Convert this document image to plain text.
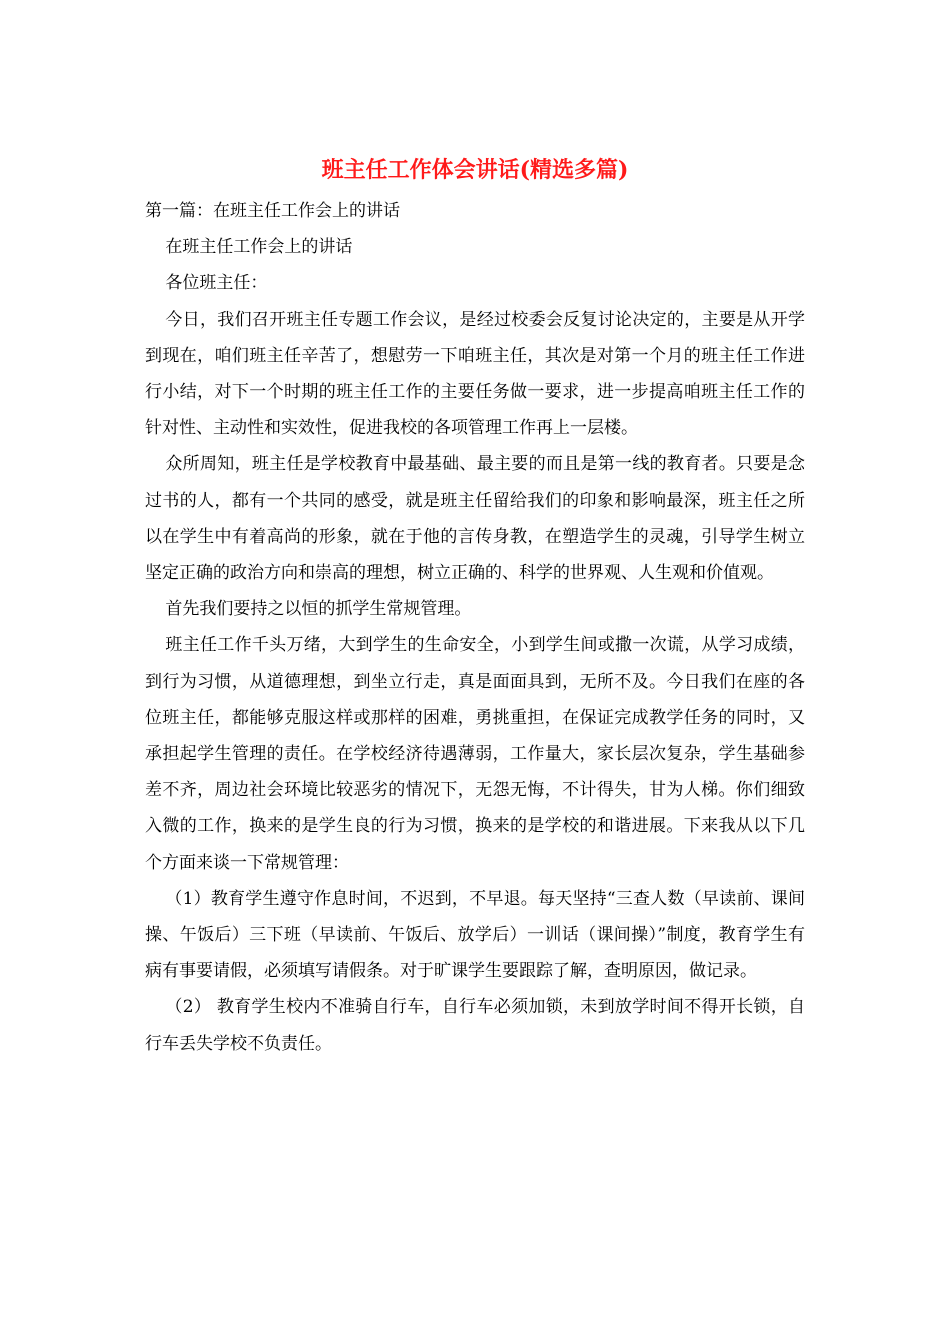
班主任工作体会讲话(精选多篇)

第一篇：在班主任工作会上的讲话

在班主任工作会上的讲话

各位班主任：

今日，我们召开班主任专题工作会议，是经过校委会反复讨论决定的，主要是从开学到现在，咱们班主任辛苦了，想慰劳一下咱班主任，其次是对第一个月的班主任工作进行小结，对下一个时期的班主任工作的主要任务做一要求，进一步提高咱班主任工作的针对性、主动性和实效性，促进我校的各项管理工作再上一层楼。

众所周知，班主任是学校教育中最基础、最主要的而且是第一线的教育者。只要是念过书的人，都有一个共同的感受，就是班主任留给我们的印象和影响最深，班主任之所以在学生中有着高尚的形象，就在于他的言传身教，在塑造学生的灵魂，引导学生树立坚定正确的政治方向和崇高的理想，树立正确的、科学的世界观、人生观和价值观。

首先我们要持之以恒的抓学生常规管理。

班主任工作千头万绪，大到学生的生命安全，小到学生间或撒一次谎，从学习成绩，到行为习惯，从道德理想，到坐立行走，真是面面具到，无所不及。今日我们在座的各位班主任，都能够克服这样或那样的困难，勇挑重担，在保证完成教学任务的同时，又承担起学生管理的责任。在学校经济待遇薄弱，工作量大，家长层次复杂，学生基础参差不齐，周边社会环境比较恶劣的情况下，无怨无悔，不计得失，甘为人梯。你们细致入微的工作，换来的是学生良的行为习惯，换来的是学校的和谐进展。下来我从以下几个方面来谈一下常规管理：

（1）教育学生遵守作息时间，不迟到，不早退。每天坚持“三查人数（早读前、课间操、午饭后）三下班（早读前、午饭后、放学后）一训话（课间操）”制度，教育学生有病有事要请假，必须填写请假条。对于旷课学生要跟踪了解，查明原因，做记录。

（2） 教育学生校内不准骑自行车，自行车必须加锁，未到放学时间不得开长锁，自行车丢失学校不负责任。
